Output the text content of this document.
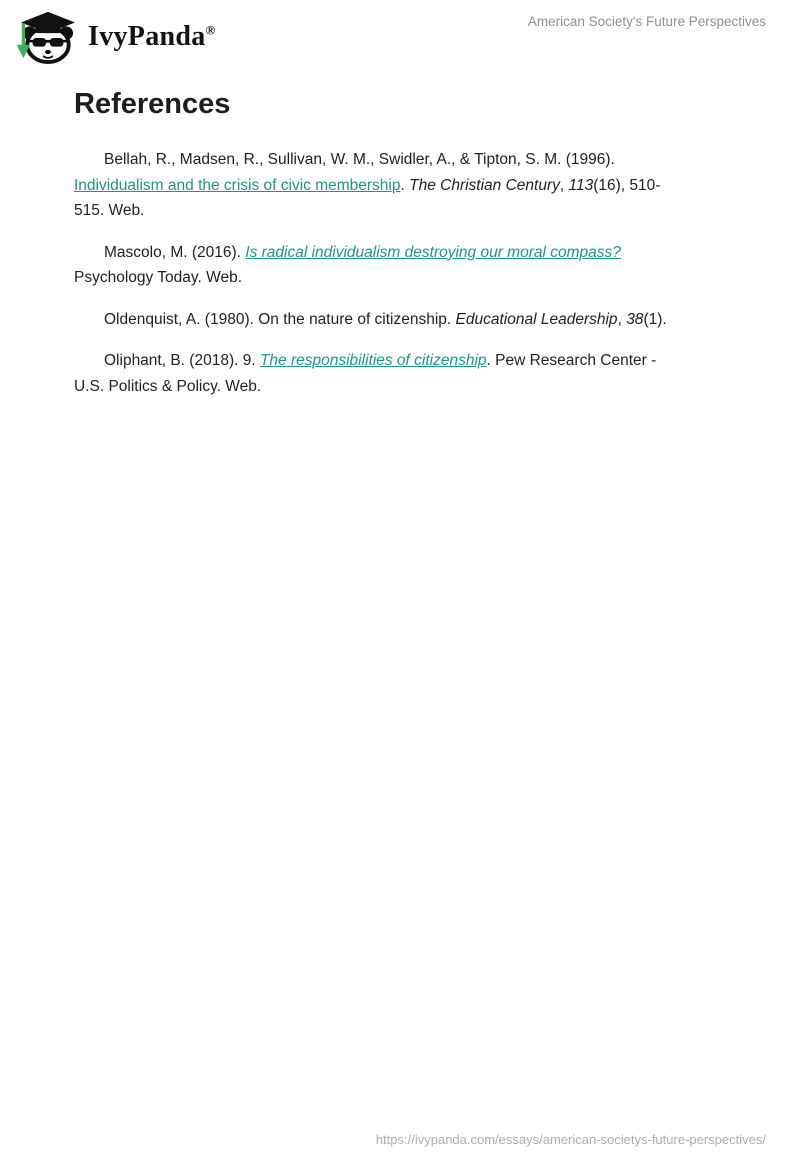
IvyPanda®
American Society's Future Perspectives
References

Bellah, R., Madsen, R., Sullivan, W. M., Swidler, A., & Tipton, S. M. (1996).
Individualism and the crisis of civic membership. The Christian Century, 113(16), 510-
515. Web.

Mascolo, M. (2016). Is radical individualism destroying our moral compass?
Psychology Today. Web.

Oldenquist, A. (1980). On the nature of citizenship. Educational Leadership, 38(1).

Oliphant, B. (2018). 9. The responsibilities of citizenship. Pew Research Center -
U.S. Politics & Policy. Web.

https://ivypanda.com/essays/american-societys-future-perspectives/
